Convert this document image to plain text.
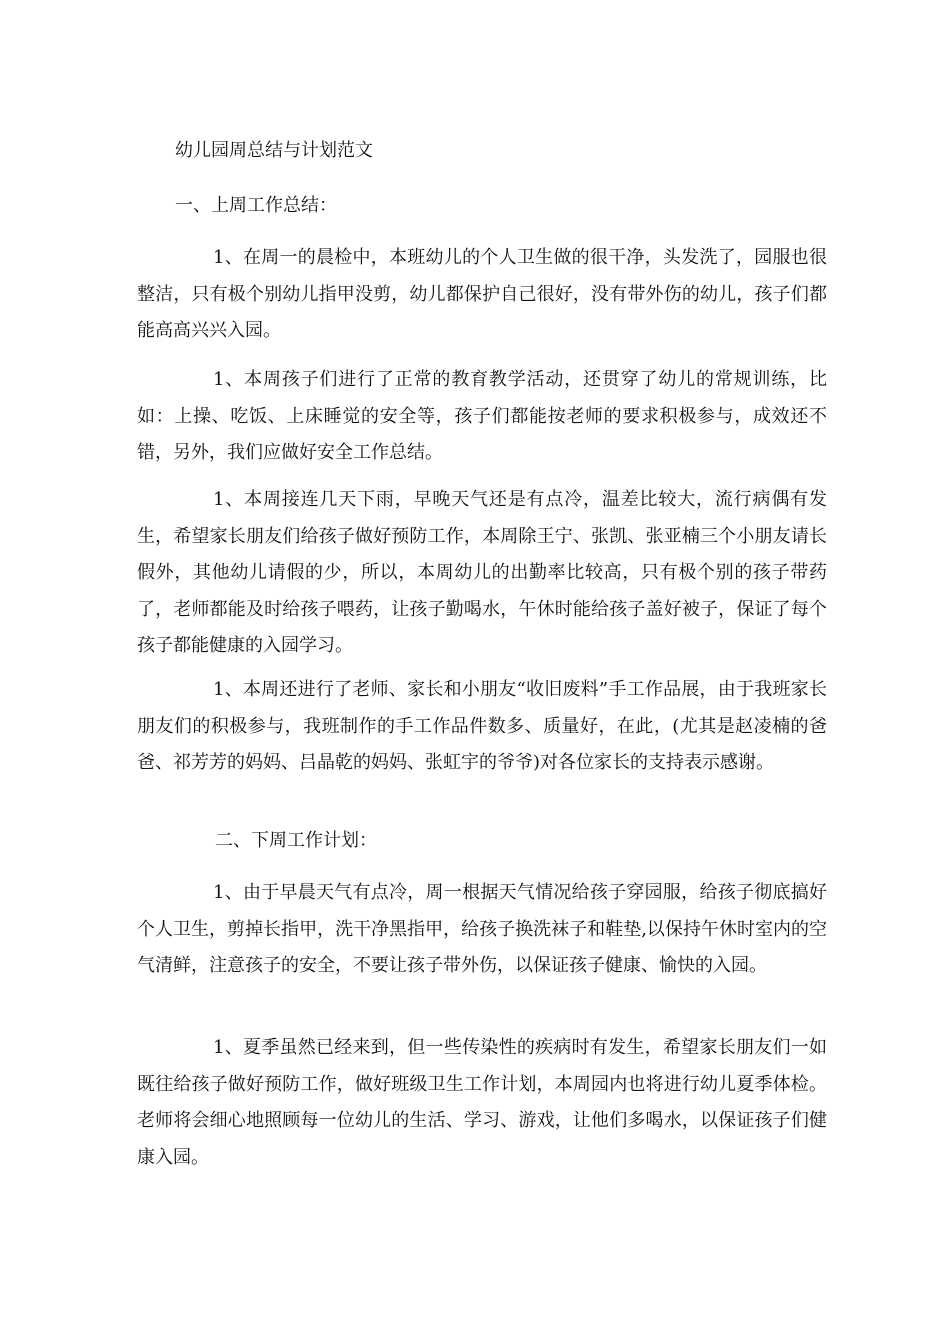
幼儿园周总结与计划范文
一、上周工作总结：

1、在周一的晨检中，本班幼儿的个人卫生做的很干净，头发洗了，园服也很整洁，只有极个别幼儿指甲没剪，幼儿都保护自己很好，没有带外伤的幼儿，孩子们都能高高兴兴入园。

1、本周孩子们进行了正常的教育教学活动，还贯穿了幼儿的常规训练，比如：上操、吃饭、上床睡觉的安全等，孩子们都能按老师的要求积极参与，成效还不错，另外，我们应做好安全工作总结。

1、本周接连几天下雨，早晚天气还是有点冷，温差比较大，流行病偶有发生，希望家长朋友们给孩子做好预防工作，本周除王宁、张凯、张亚楠三个小朋友请长假外，其他幼儿请假的少，所以，本周幼儿的出勤率比较高，只有极个别的孩子带药了，老师都能及时给孩子喂药，让孩子勤喝水，午休时能给孩子盖好被子，保证了每个孩子都能健康的入园学习。

1、本周还进行了老师、家长和小朋友“收旧废料”手工作品展，由于我班家长朋友们的积极参与，我班制作的手工作品件数多、质量好，在此，(尤其是赵凌楠的爸爸、祁芳芳的妈妈、吕晶乾的妈妈、张虹宇的爷爷)对各位家长的支持表示感谢。

二、下周工作计划：

1、由于早晨天气有点冷，周一根据天气情况给孩子穿园服，给孩子彻底搞好个人卫生，剪掉长指甲，洗干净黑指甲，给孩子换洗袜子和鞋垫,以保持午休时室内的空气清鲜，注意孩子的安全，不要让孩子带外伤，以保证孩子健康、愉快的入园。

1、夏季虽然已经来到，但一些传染性的疾病时有发生，希望家长朋友们一如既往给孩子做好预防工作，做好班级卫生工作计划，本周园内也将进行幼儿夏季体检。老师将会细心地照顾每一位幼儿的生活、学习、游戏，让他们多喝水，以保证孩子们健康入园。
